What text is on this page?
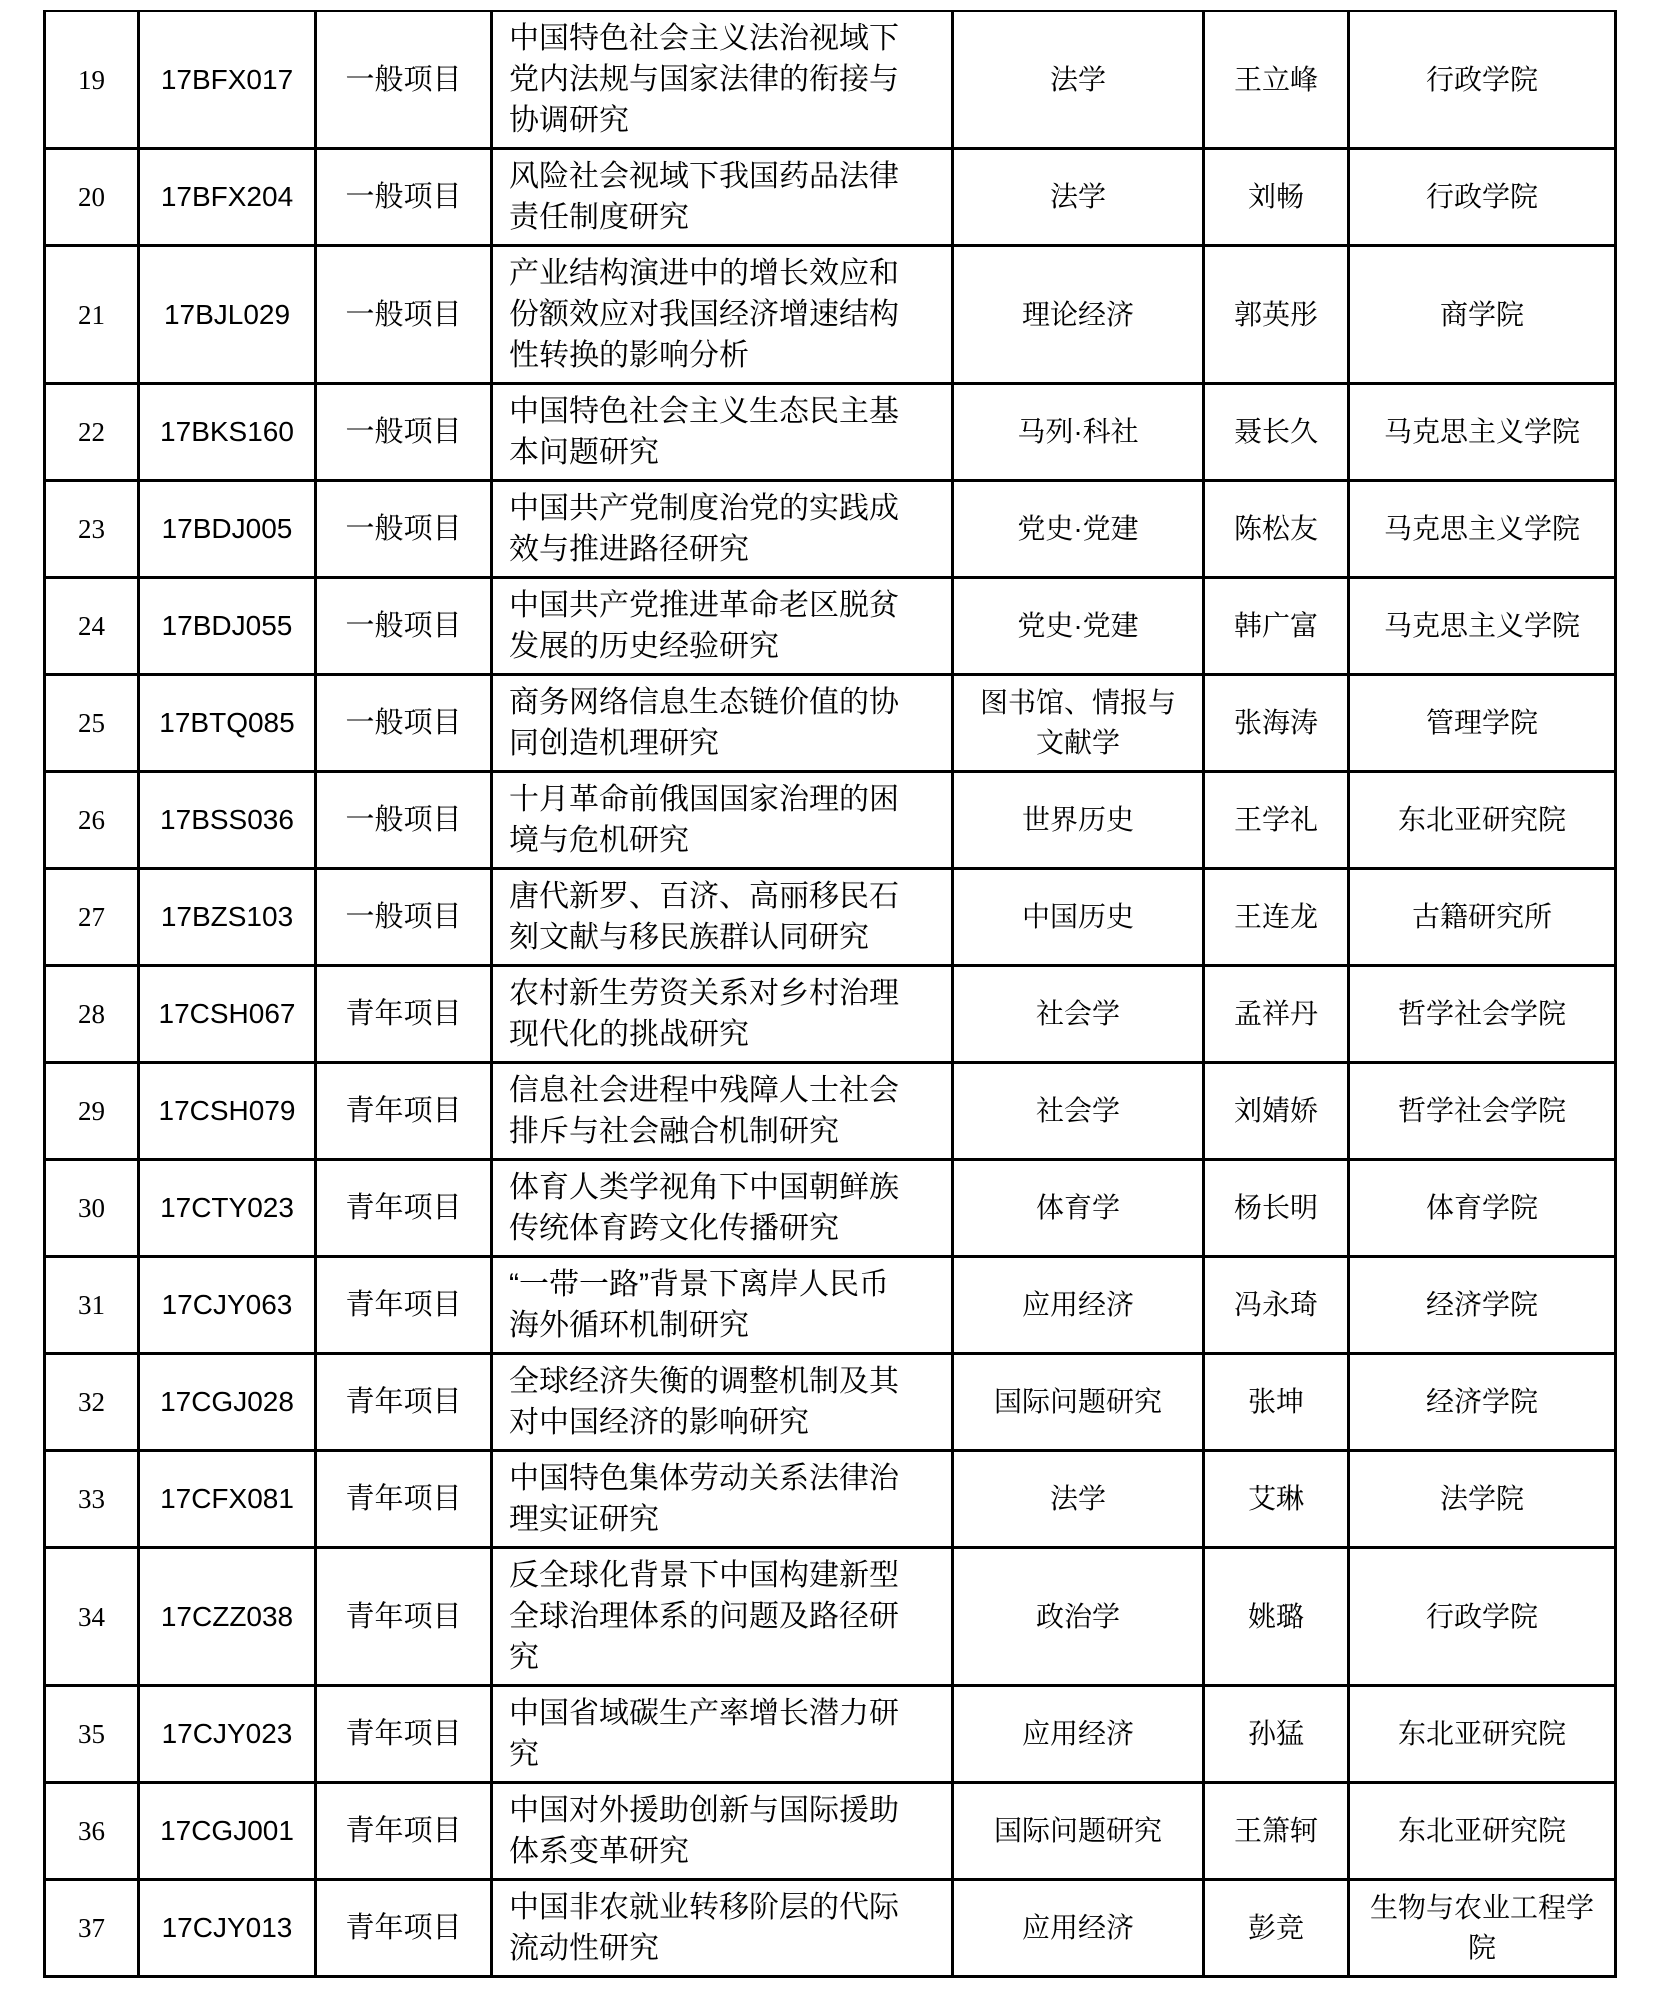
19	17BFX017	一般项目	中国特色社会主义法治视域下党内法规与国家法律的衔接与协调研究	法学	王立峰	行政学院
20	17BFX204	一般项目	风险社会视域下我国药品法律责任制度研究	法学	刘畅	行政学院
21	17BJL029	一般项目	产业结构演进中的增长效应和份额效应对我国经济增速结构性转换的影响分析	理论经济	郭英彤	商学院
22	17BKS160	一般项目	中国特色社会主义生态民主基本问题研究	马列·科社	聂长久	马克思主义学院
23	17BDJ005	一般项目	中国共产党制度治党的实践成效与推进路径研究	党史·党建	陈松友	马克思主义学院
24	17BDJ055	一般项目	中国共产党推进革命老区脱贫发展的历史经验研究	党史·党建	韩广富	马克思主义学院
25	17BTQ085	一般项目	商务网络信息生态链价值的协同创造机理研究	图书馆、情报与文献学	张海涛	管理学院
26	17BSS036	一般项目	十月革命前俄国国家治理的困境与危机研究	世界历史	王学礼	东北亚研究院
27	17BZS103	一般项目	唐代新罗、百济、高丽移民石刻文献与移民族群认同研究	中国历史	王连龙	古籍研究所
28	17CSH067	青年项目	农村新生劳资关系对乡村治理现代化的挑战研究	社会学	孟祥丹	哲学社会学院
29	17CSH079	青年项目	信息社会进程中残障人士社会排斥与社会融合机制研究	社会学	刘婧娇	哲学社会学院
30	17CTY023	青年项目	体育人类学视角下中国朝鲜族传统体育跨文化传播研究	体育学	杨长明	体育学院
31	17CJY063	青年项目	“一带一路”背景下离岸人民币海外循环机制研究	应用经济	冯永琦	经济学院
32	17CGJ028	青年项目	全球经济失衡的调整机制及其对中国经济的影响研究	国际问题研究	张坤	经济学院
33	17CFX081	青年项目	中国特色集体劳动关系法律治理实证研究	法学	艾琳	法学院
34	17CZZ038	青年项目	反全球化背景下中国构建新型全球治理体系的问题及路径研究	政治学	姚璐	行政学院
35	17CJY023	青年项目	中国省域碳生产率增长潜力研究	应用经济	孙猛	东北亚研究院
36	17CGJ001	青年项目	中国对外援助创新与国际援助体系变革研究	国际问题研究	王箫轲	东北亚研究院
37	17CJY013	青年项目	中国非农就业转移阶层的代际流动性研究	应用经济	彭竞	生物与农业工程学院
